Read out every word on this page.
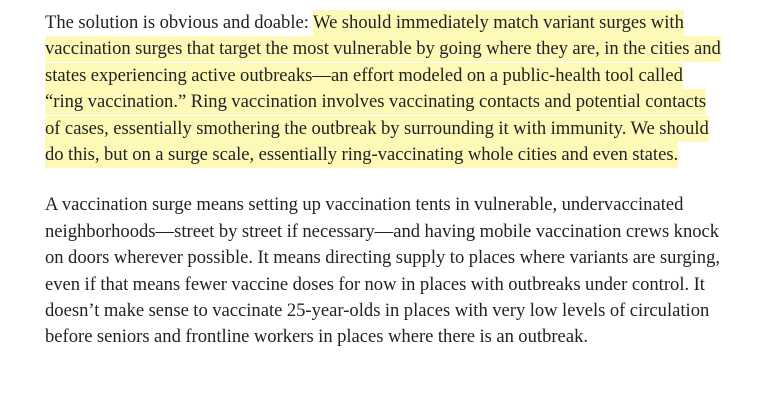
The solution is obvious and doable: We should immediately match variant surges with vaccination surges that target the most vulnerable by going where they are, in the cities and states experiencing active outbreaks—an effort modeled on a public-health tool called “ring vaccination.” Ring vaccination involves vaccinating contacts and potential contacts of cases, essentially smothering the outbreak by surrounding it with immunity. We should do this, but on a surge scale, essentially ring-vaccinating whole cities and even states.

A vaccination surge means setting up vaccination tents in vulnerable, undervaccinated neighborhoods—street by street if necessary—and having mobile vaccination crews knock on doors wherever possible. It means directing supply to places where variants are surging, even if that means fewer vaccine doses for now in places with outbreaks under control. It doesn’t make sense to vaccinate 25-year-olds in places with very low levels of circulation before seniors and frontline workers in places where there is an outbreak.
